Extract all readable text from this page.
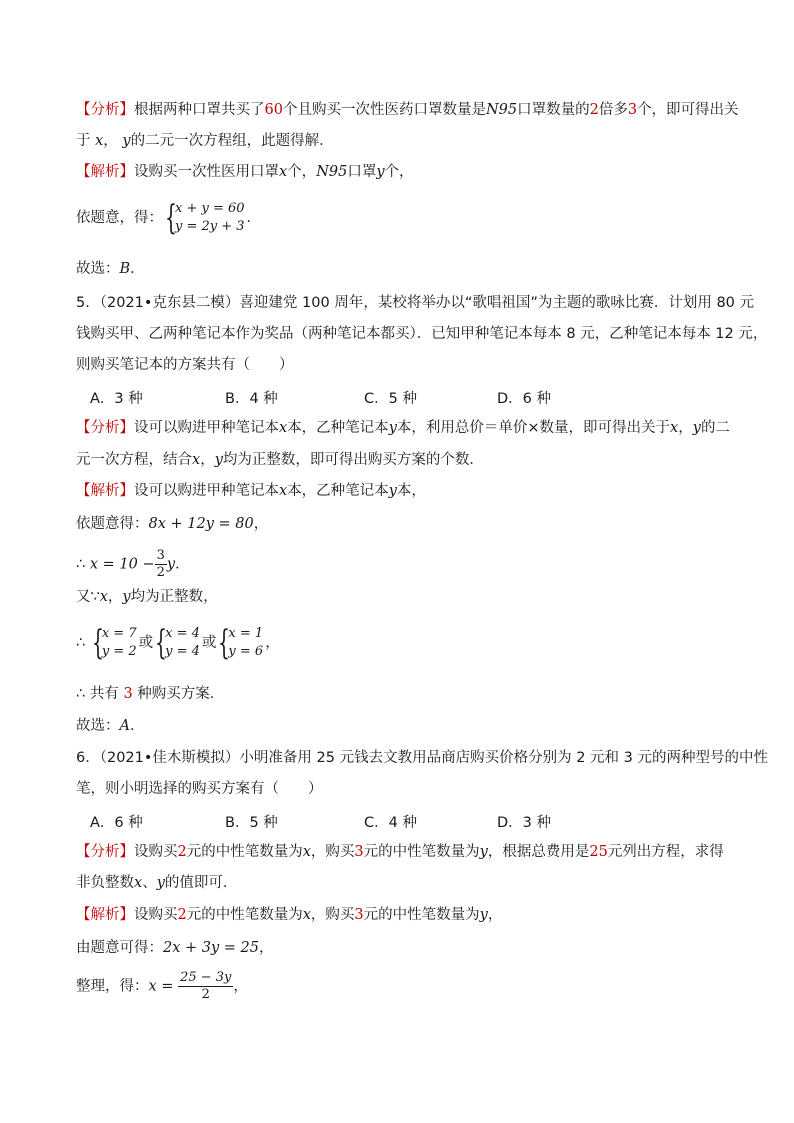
【分析】根据两种口罩共买了60个且购买一次性医药口罩数量是N95口罩数量的2倍多3个，即可得出关
于 x， y的二元一次方程组，此题得解．
【解析】设购买一次性医用口罩x个，N95口罩y个，
依题意，得： {
x + y = 60
y = 2y + 3
．
故选：B．
5．（2021•克东县二模）喜迎建党 100 周年，某校将举办以“歌唱祖国”为主题的歌咏比赛．计划用 80 元
钱购买甲、乙两种笔记本作为奖品（两种笔记本都买）．已知甲种笔记本每本 8 元，乙种笔记本每本 12 元，
则购买笔记本的方案共有（　　）
A．3 种	B．4 种	C．5 种	D．6 种
【分析】设可以购进甲种笔记本x本，乙种笔记本y本，利用总价＝单价×数量，即可得出关于x，y的二
元一次方程，结合x，y均为正整数，即可得出购买方案的个数．
【解析】设可以购进甲种笔记本x本，乙种笔记本y本，
依题意得：8x + 12y = 80，
∴ $x = 10 - \frac{3}{2}$ y．
又∵x，y均为正整数，
∴ {
x = 7
y = 2
或 {
x = 4
y = 4
或 {
x = 1
y = 6
，
∴ 共有 3 种购买方案．
故选：A．
6．（2021•佳木斯模拟）小明准备用 25 元钱去文教用品商店购买价格分别为 2 元和 3 元的两种型号的中性
笔，则小明选择的购买方案有（　　）
A．6 种	B．5 种	C．4 种	D．3 种
【分析】设购买2元的中性笔数量为x，购买3元的中性笔数量为y，根据总费用是25元列出方程，求得
非负整数x、y的值即可．
【解析】设购买2元的中性笔数量为x，购买3元的中性笔数量为y，
由题意可得：2x + 3y = 25，
整理，得：$x = \frac{25 - 3y}{2}$ ，
